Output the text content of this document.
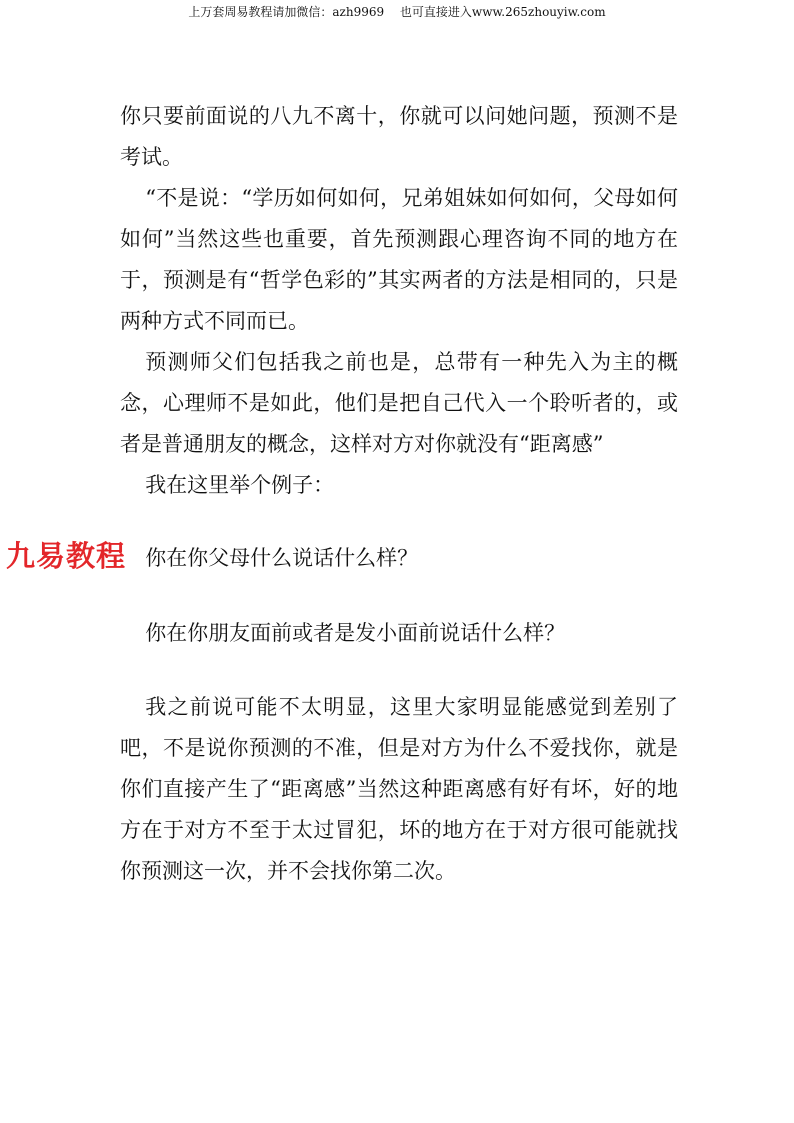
上万套周易教程请加微信：azh9969　 也可直接进入www.265zhouyiw.com
九易教程

你只要前面说的八九不离十，你就可以问她问题，预测不是考试。

“不是说：“学历如何如何，兄弟姐妹如何如何，父母如何如何”当然这些也重要，首先预测跟心理咨询不同的地方在于，预测是有“哲学色彩的”其实两者的方法是相同的，只是两种方式不同而已。

预测师父们包括我之前也是，总带有一种先入为主的概念，心理师不是如此，他们是把自己代入一个聆听者的，或者是普通朋友的概念，这样对方对你就没有“距离感”

我在这里举个例子：

你在你父母什么说话什么样？

你在你朋友面前或者是发小面前说话什么样？

我之前说可能不太明显，这里大家明显能感觉到差别了吧，不是说你预测的不准，但是对方为什么不爱找你，就是你们直接产生了“距离感”当然这种距离感有好有坏，好的地方在于对方不至于太过冒犯，坏的地方在于对方很可能就找你预测这一次，并不会找你第二次。
